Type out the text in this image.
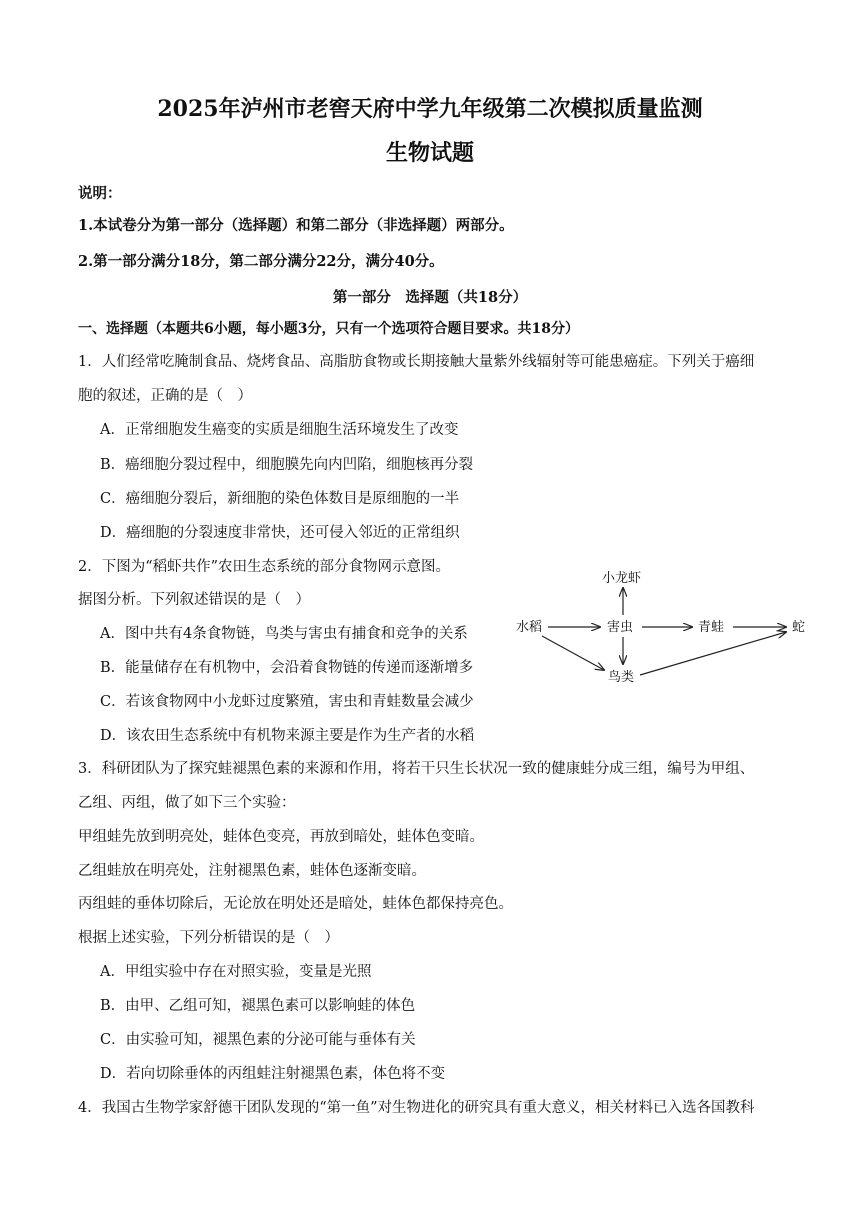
2025年泸州市老窖天府中学九年级第二次模拟质量监测
生物试题
说明：
1.本试卷分为第一部分（选择题）和第二部分（非选择题）两部分。
2.第一部分满分18分，第二部分满分22分，满分40分。
第一部分　选择题（共18分）
一、选择题（本题共6小题，每小题3分，只有一个选项符合题目要求。共18分）
1．人们经常吃腌制食品、烧烤食品、高脂肪食物或长期接触大量紫外线辐射等可能患癌症。下列关于癌细
胞的叙述，正确的是（　）
A．正常细胞发生癌变的实质是细胞生活环境发生了改变
B．癌细胞分裂过程中，细胞膜先向内凹陷，细胞核再分裂
C．癌细胞分裂后，新细胞的染色体数目是原细胞的一半
D．癌细胞的分裂速度非常快，还可侵入邻近的正常组织
2．下图为“稻虾共作”农田生态系统的部分食物网示意图。
据图分析。下列叙述错误的是（　）
A．图中共有4条食物链，鸟类与害虫有捕食和竞争的关系
B．能量储存在有机物中，会沿着食物链的传递而逐渐增多
C．若该食物网中小龙虾过度繁殖，害虫和青蛙数量会减少
D．该农田生态系统中有机物来源主要是作为生产者的水稻
小龙虾
水稻	害虫	青蛙	蛇
鸟类
3．科研团队为了探究蛙褪黑色素的来源和作用，将若干只生长状况一致的健康蛙分成三组，编号为甲组、
乙组、丙组，做了如下三个实验：
甲组蛙先放到明亮处，蛙体色变亮，再放到暗处，蛙体色变暗。
乙组蛙放在明亮处，注射褪黑色素，蛙体色逐渐变暗。
丙组蛙的垂体切除后，无论放在明处还是暗处，蛙体色都保持亮色。
根据上述实验，下列分析错误的是（　）
A．甲组实验中存在对照实验，变量是光照
B．由甲、乙组可知，褪黑色素可以影响蛙的体色
C．由实验可知，褪黑色素的分泌可能与垂体有关
D．若向切除垂体的丙组蛙注射褪黑色素，体色将不变
4．我国古生物学家舒德干团队发现的“第一鱼”对生物进化的研究具有重大意义，相关材料已入选各国教科
